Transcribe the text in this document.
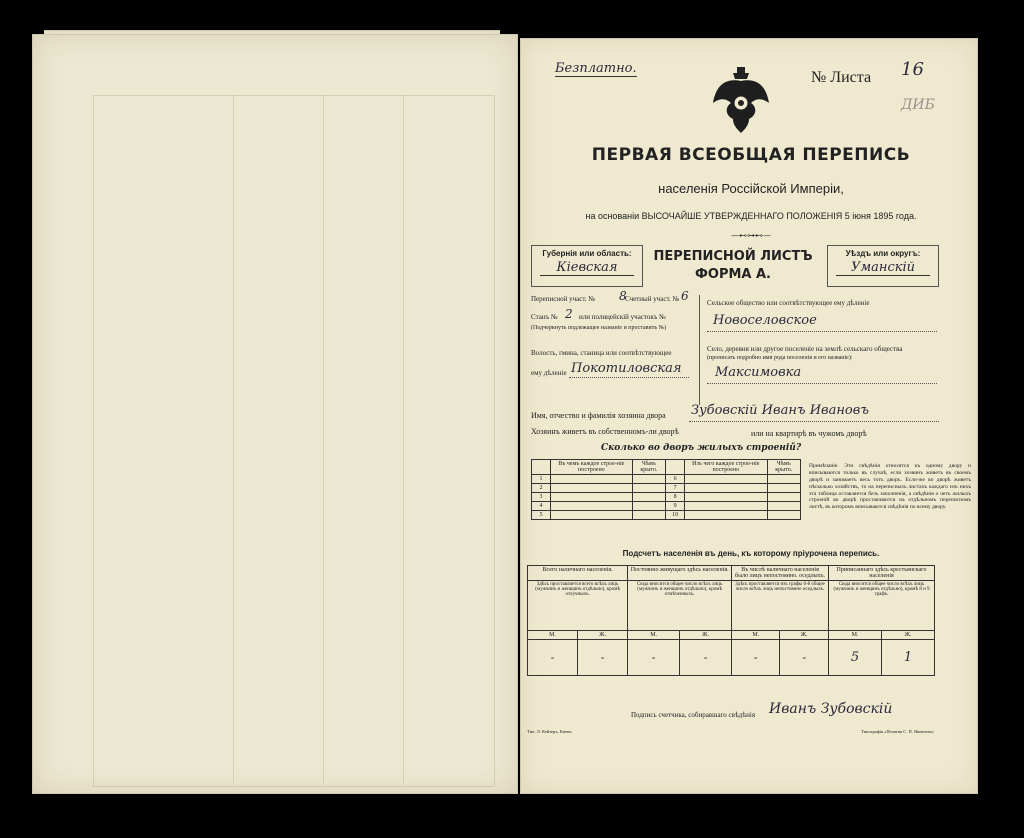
Безплатно.
№ Листа 16
ДИБ
ПЕРВАЯ ВСЕОБЩАЯ ПЕРЕПИСЬ
населенія Россійской Имперіи,
на основаніи ВЫСОЧАЙШЕ УТВЕРЖДЕННАГО ПОЛОЖЕНІЯ 5 іюня 1895 года.
—⊷⊶⊷—
Губернія или область:
Кiевская
ПЕРЕПИСНОЙ ЛИСТЪ
ФОРМА А.
Уѣздъ или округъ:
Уманскiй
Переписной участ. № 8
Счетный участ. № 6
Станъ № 2 или полицейскій участокъ №
(Подчеркнуть подлежащее названіе и проставить №)
Волость, гмина, станица или соотвѣтствующее
ему дѣленіе Покотиловская
Сельское общество или соотвѣтствующее ему дѣленіе
Новоселовское
Село, деревня или другое поселеніе на землѣ сельскаго общества
(прописать подробно имя рода поселенія и его названіе):
Максимовка
Имя, отчество и фамилія хозяина двора Зубовскій Иванъ Ивановъ
Хозяинъ живетъ въ собственномъ-ли дворѣ	или на квартирѣ въ чужомъ дворѣ
Сколько во дворъ жилыхъ строеній?
	Въ чемъ каждое строе-ніе построено	Чѣмъ крыто.		Изъ чего каждое строе-ніе построено	Чѣмъ крыто.
1			6		
2			7		
3			8		
4			9		
5			10		
Примѣчаніе. Эти свѣдѣнія относятся къ одному двору и вписываются только въ случаѣ, если хозяинъ живетъ въ своемъ дворѣ и занимаетъ весь тотъ дворъ. Если-же во дворѣ живетъ нѣсколько хозяйствъ, то на переписныхъ листахъ каждаго изъ нихъ эта таблица оставляется безъ заполненія, а свѣдѣнія о четъ жилыхъ строеній во дворѣ проставляются на отдѣльномъ переписномъ листѣ, въ которомъ вписываются свѣдѣнія по всему двору.
Подсчетъ населенія въ день, къ которому пріурочена перепись.
Всего наличнаго населенія.		Постоянно живущаго здѣсь населенія.		Въ числѣ наличнаго населенія было лицъ непостоянно. оседлыхъ.		Приписаннаго здѣсь крестьянскаго населенія	
Здѣсь проставляется всего всѣхъ лицъ (мужчинъ и женщинъ отдѣльно), кромѣ отлучныхъ.		Сюда вносится общее число всѣхъ лицъ (мужчинъ и женщинъ отдѣльно), кромѣ отмѣченныхъ.		Здѣсь проставляется изъ графы 6-8 общее число всѣхъ лицъ непостоянно оседлыхъ.		Сюда вносится общее число всѣхъ лицъ (мужчинъ и женщинъ отдѣльно), кромѣ 8 и 9 графъ.	
М.	Ж.	М.	Ж.	М.	Ж.	М.	Ж.
-	-	-	-	-	-	5	1
Подпись счетчика, собиравшаго свѣдѣнія Иванъ Зубовскій
Тип. Л. Кейзеръ, Киевъ	Типографія «Печатня С. П. Яковлева»
